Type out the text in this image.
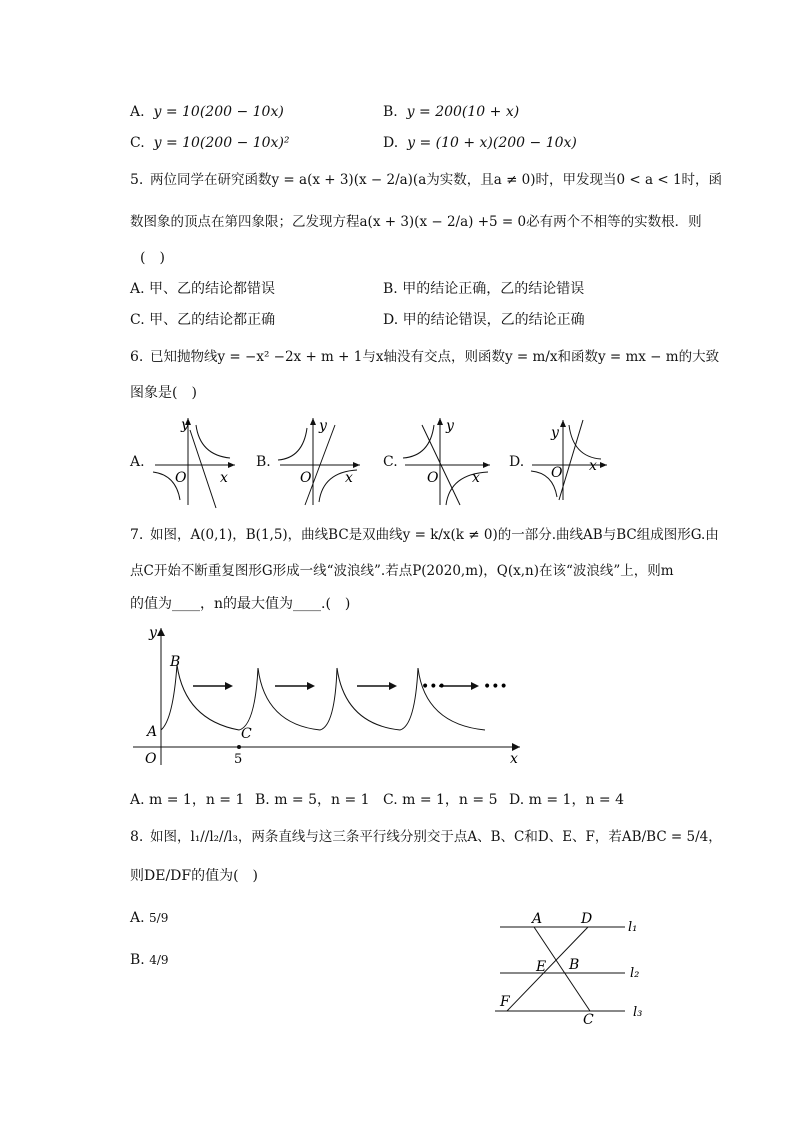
A. y = 10(200 − 10x)	B. y = 200(10 + x)
C. y = 10(200 − 10x)²	D. y = (10 + x)(200 − 10x)
5. 两位同学在研究函数y = a(x + 3)(x − 2/a)(a为实数，且a ≠ 0)时，甲发现当0 < a < 1时，函
数图象的顶点在第四象限；乙发现方程a(x + 3)(x − 2/a) +5 = 0必有两个不相等的实数根．则
(　)
A. 甲、乙的结论都错误	B. 甲的结论正确，乙的结论错误
C. 甲、乙的结论都正确	D. 甲的结论错误，乙的结论正确
6. 已知抛物线y = −x² −2x + m + 1与x轴没有交点，则函数y = m/x和函数y = mx − m的大致
图象是(　)
A.
y
x
O
B.
y
x
O
C.
y
x
O
D.
y
x
O
7. 如图，A(0,1)，B(1,5)，曲线BC是双曲线y = k/x(k ≠ 0)的一部分.曲线AB与BC组成图形G.由
点C开始不断重复图形G形成一线“波浪线”.若点P(2020,m)，Q(x,n)在该“波浪线”上，则m
的值为____，n的最大值为____.(　)
•••	•••
y
x
O
A
B
C
5
A. m = 1，n = 1 B. m = 5，n = 1 C. m = 1，n = 5 D. m = 1，n = 4
8. 如图，l₁//l₂//l₃，两条直线与这三条平行线分别交于点A、B、C和D、E、F，若AB/BC = 5/4，
则DE/DF的值为(　)
A. 5/9
B. 4/9
A	D
E B
F
C
l₁
l₂
l₃
